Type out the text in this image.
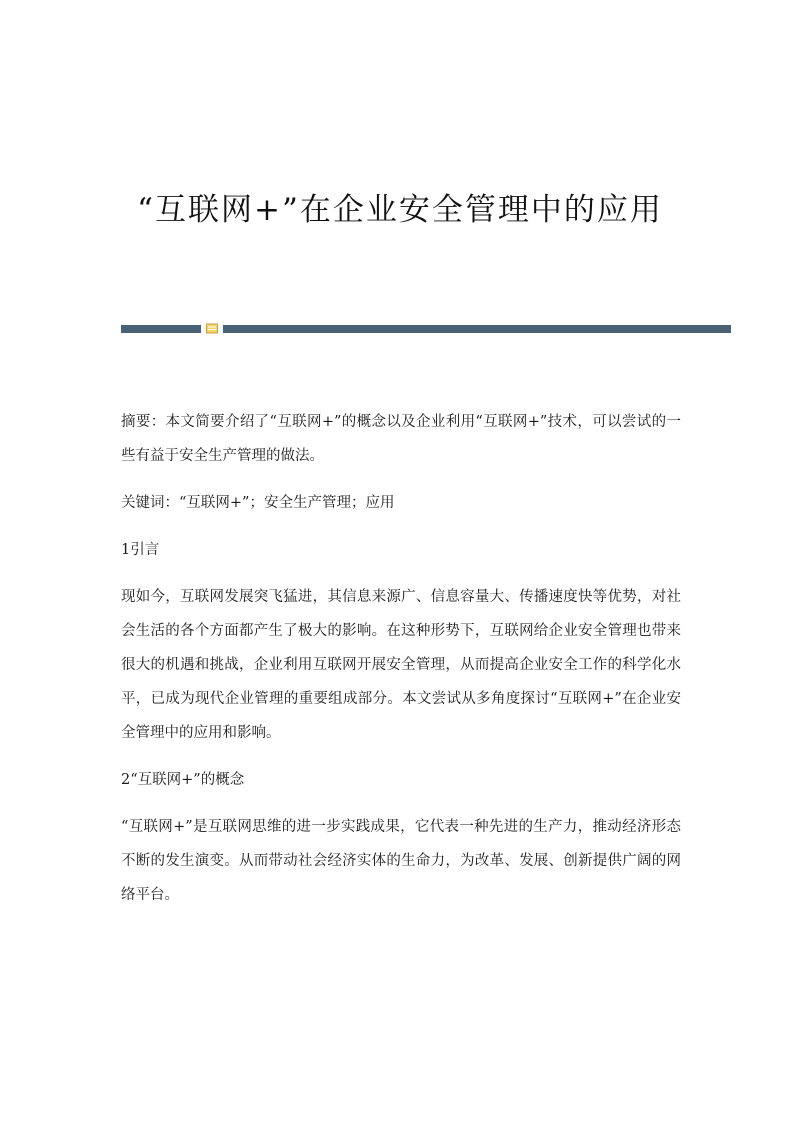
“互联网+”在企业安全管理中的应用

摘要：本文简要介绍了“互联网+”的概念以及企业利用“互联网+”技术，可以尝试的一些有益于安全生产管理的做法。

关键词：“互联网+”；安全生产管理；应用

1引言

现如今，互联网发展突飞猛进，其信息来源广、信息容量大、传播速度快等优势，对社会生活的各个方面都产生了极大的影响。在这种形势下，互联网给企业安全管理也带来很大的机遇和挑战，企业利用互联网开展安全管理，从而提高企业安全工作的科学化水平，已成为现代企业管理的重要组成部分。本文尝试从多角度探讨“互联网+”在企业安全管理中的应用和影响。

2“互联网+”的概念

“互联网+”是互联网思维的进一步实践成果，它代表一种先进的生产力，推动经济形态不断的发生演变。从而带动社会经济实体的生命力，为改革、发展、创新提供广阔的网络平台。
